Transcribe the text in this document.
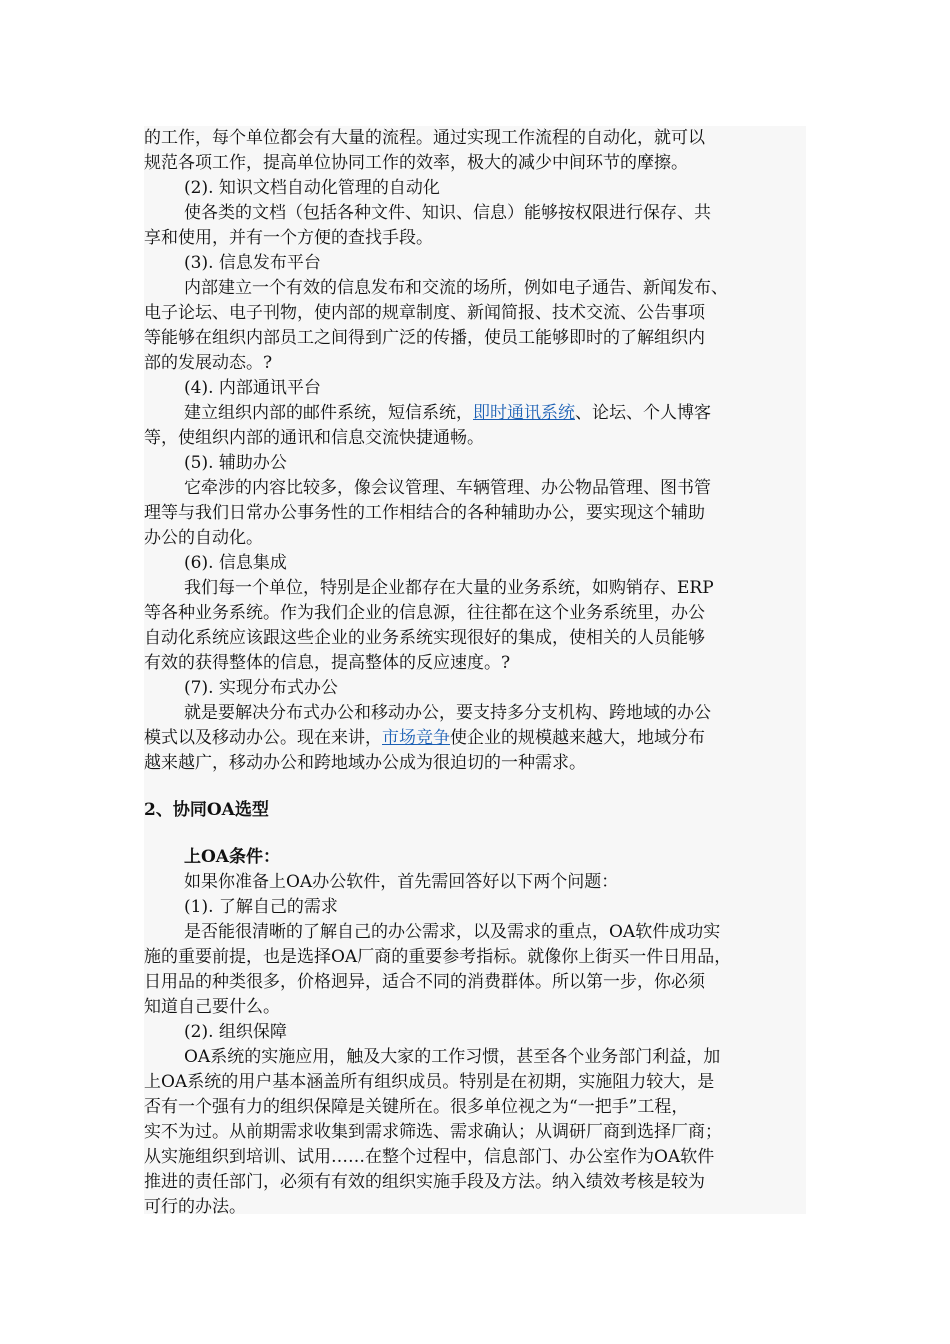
的工作，每个单位都会有大量的流程。通过实现工作流程的自动化，就可以
规范各项工作，提高单位协同工作的效率，极大的减少中间环节的摩擦。
(2). 知识文档自动化管理的自动化
使各类的文档（包括各种文件、知识、信息）能够按权限进行保存、共
享和使用，并有一个方便的查找手段。
(3). 信息发布平台
内部建立一个有效的信息发布和交流的场所，例如电子通告、新闻发布、
电子论坛、电子刊物，使内部的规章制度、新闻简报、技术交流、公告事项
等能够在组织内部员工之间得到广泛的传播，使员工能够即时的了解组织内
部的发展动态。?
(4). 内部通讯平台
建立组织内部的邮件系统，短信系统，即时通讯系统、论坛、个人博客
等，使组织内部的通讯和信息交流快捷通畅。
(5). 辅助办公
它牵涉的内容比较多，像会议管理、车辆管理、办公物品管理、图书管
理等与我们日常办公事务性的工作相结合的各种辅助办公，要实现这个辅助
办公的自动化。
(6). 信息集成
我们每一个单位，特别是企业都存在大量的业务系统，如购销存、ERP
等各种业务系统。作为我们企业的信息源，往往都在这个业务系统里，办公
自动化系统应该跟这些企业的业务系统实现很好的集成，使相关的人员能够
有效的获得整体的信息，提高整体的反应速度。?
(7). 实现分布式办公
就是要解决分布式办公和移动办公，要支持多分支机构、跨地域的办公
模式以及移动办公。现在来讲，市场竞争使企业的规模越来越大，地域分布
越来越广，移动办公和跨地域办公成为很迫切的一种需求。
2、协同OA选型
上OA条件：
如果你准备上OA办公软件，首先需回答好以下两个问题：
(1). 了解自己的需求
是否能很清晰的了解自己的办公需求，以及需求的重点，OA软件成功实
施的重要前提，也是选择OA厂商的重要参考指标。就像你上街买一件日用品，
日用品的种类很多，价格迥异，适合不同的消费群体。所以第一步，你必须
知道自己要什么。
(2). 组织保障
OA系统的实施应用，触及大家的工作习惯，甚至各个业务部门利益，加
上OA系统的用户基本涵盖所有组织成员。特别是在初期，实施阻力较大，是
否有一个强有力的组织保障是关键所在。很多单位视之为“一把手”工程，
实不为过。从前期需求收集到需求筛选、需求确认；从调研厂商到选择厂商；
从实施组织到培训、试用……在整个过程中，信息部门、办公室作为OA软件
推进的责任部门，必须有有效的组织实施手段及方法。纳入绩效考核是较为
可行的办法。
